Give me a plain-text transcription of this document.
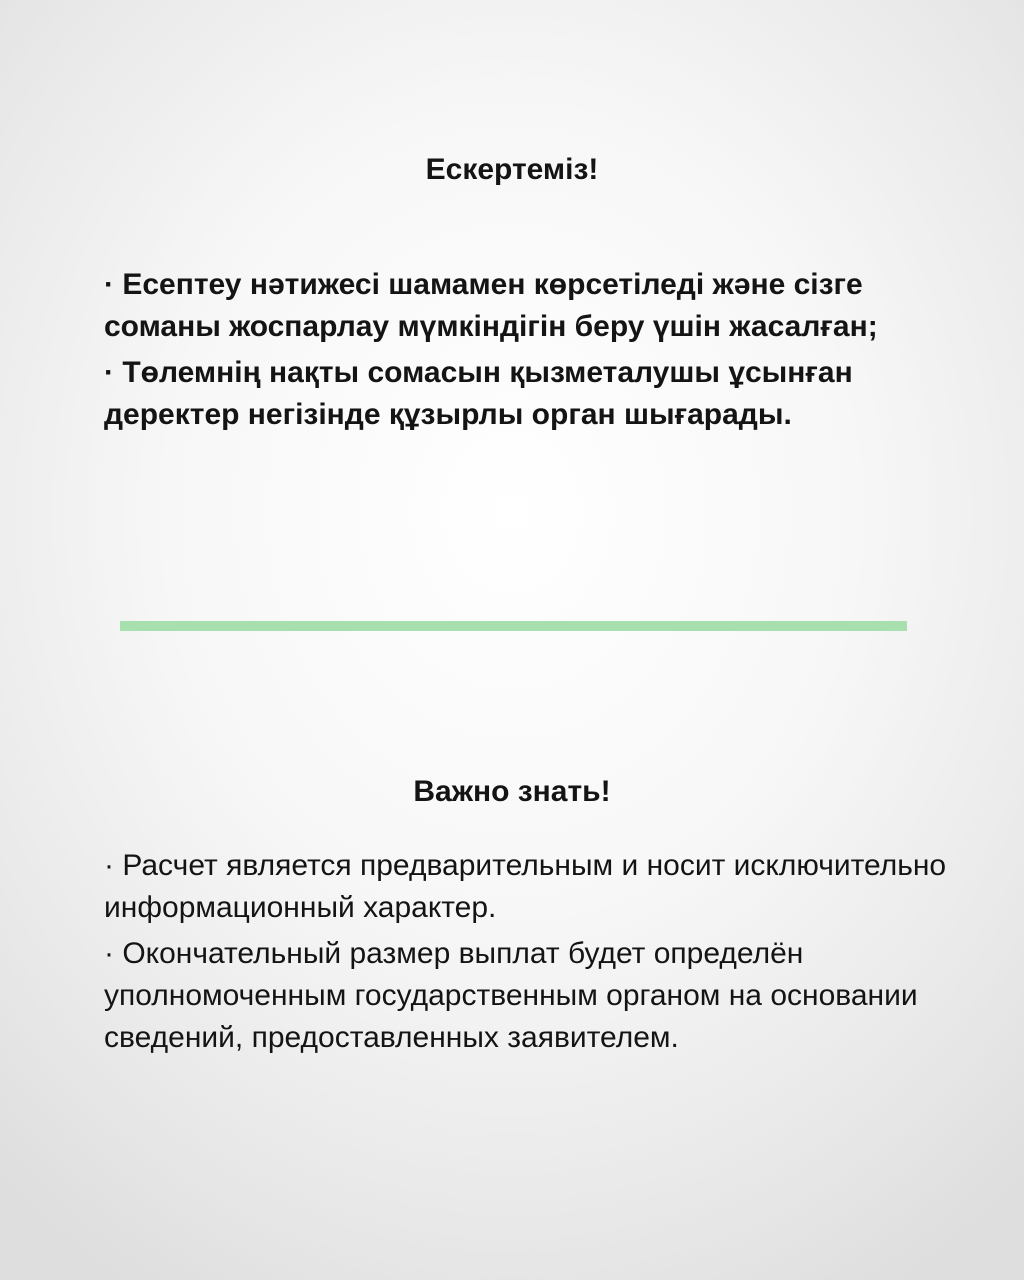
Ескертеміз!
· Есептеу нәтижесі шамамен көрсетіледі және сізге соманы жоспарлау мүмкіндігін беру үшін жасалған;
· Төлемнің нақты сомасын қызметалушы ұсынған деректер негізінде құзырлы орган шығарады.
Важно знать!
· Расчет является предварительным и носит исключительно информационный характер.
· Окончательный размер выплат будет определён уполномоченным государственным органом на основании сведений, предоставленных заявителем.
